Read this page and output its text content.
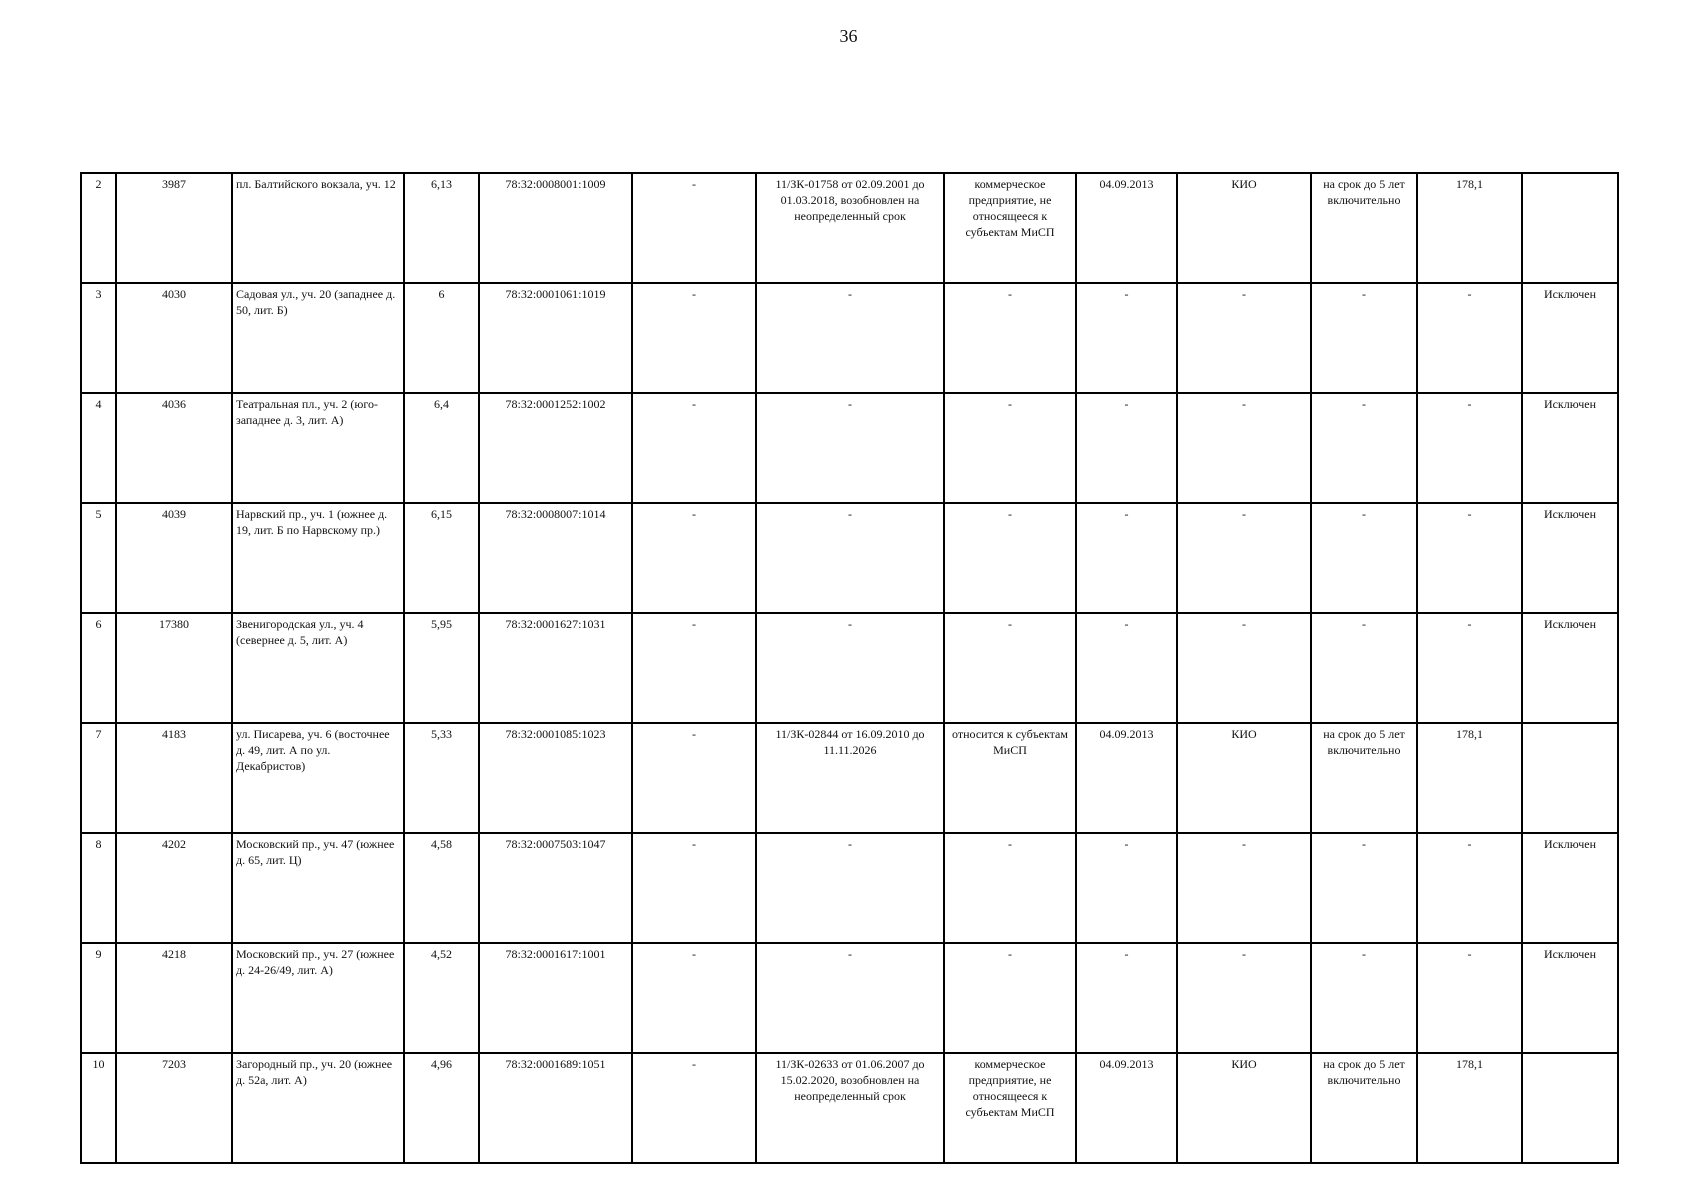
36
2	3987	пл. Балтийского вокзала, уч. 12	6,13	78:32:0008001:1009	-	11/ЗК-01758 от 02.09.2001 до 01.03.2018, возобновлен на неопределенный срок	коммерческое предприятие, не относящееся к субъектам МиСП	04.09.2013	КИО	на срок до 5 лет включительно	178,1	
3	4030	Садовая ул., уч. 20 (западнее д. 50, лит. Б)	6	78:32:0001061:1019	-	-	-	-	-	-	-	Исключен
4	4036	Театральная пл., уч. 2 (юго-западнее д. 3, лит. А)	6,4	78:32:0001252:1002	-	-	-	-	-	-	-	Исключен
5	4039	Нарвский пр., уч. 1 (южнее д. 19, лит. Б по Нарвскому пр.)	6,15	78:32:0008007:1014	-	-	-	-	-	-	-	Исключен
6	17380	Звенигородская ул., уч. 4 (севернее д. 5, лит. А)	5,95	78:32:0001627:1031	-	-	-	-	-	-	-	Исключен
7	4183	ул. Писарева, уч. 6 (восточнее д. 49, лит. А по ул. Декабристов)	5,33	78:32:0001085:1023	-	11/ЗК-02844 от 16.09.2010 до 11.11.2026	относится к субъектам МиСП	04.09.2013	КИО	на срок до 5 лет включительно	178,1	
8	4202	Московский пр., уч. 47 (южнее д. 65, лит. Ц)	4,58	78:32:0007503:1047	-	-	-	-	-	-	-	Исключен
9	4218	Московский пр., уч. 27 (южнее д. 24-26/49, лит. А)	4,52	78:32:0001617:1001	-	-	-	-	-	-	-	Исключен
10	7203	Загородный пр., уч. 20 (южнее д. 52а, лит. А)	4,96	78:32:0001689:1051	-	11/ЗК-02633 от 01.06.2007 до 15.02.2020, возобновлен на неопределенный срок	коммерческое предприятие, не относящееся к субъектам МиСП	04.09.2013	КИО	на срок до 5 лет включительно	178,1	
